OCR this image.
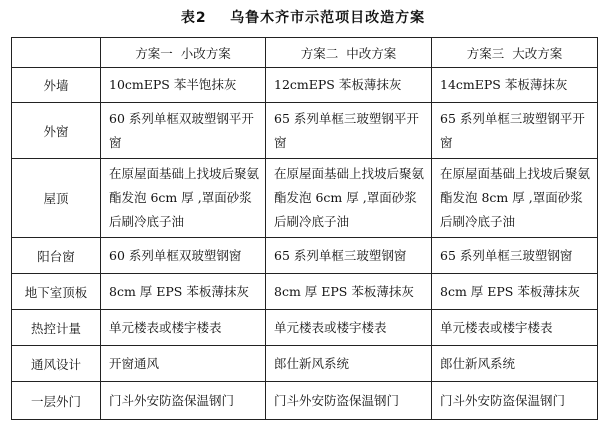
表2    乌鲁木齐市示范项目改造方案
	方案一  小改方案	方案二  中改方案	方案三  大改方案
外墙	10cmEPS 苯半饱抹灰	12cmEPS 苯板薄抹灰	14cmEPS 苯板薄抹灰
外窗	60 系列单框双玻塑钢平开窗	65 系列单框三玻塑钢平开窗	65 系列单框三玻塑钢平开窗
屋顶	在原屋面基础上找坡后聚氨酯发泡 6cm 厚 ,罩面砂浆后刷冷底子油	在原屋面基础上找坡后聚氨酯发泡 6cm 厚 ,罩面砂浆后刷冷底子油	在原屋面基础上找坡后聚氨酯发泡 8cm 厚 ,罩面砂浆后刷冷底子油
阳台窗	60 系列单框双玻塑钢窗	65 系列单框三玻塑钢窗	65 系列单框三玻塑钢窗
地下室顶板	8cm 厚 EPS 苯板薄抹灰	8cm 厚 EPS 苯板薄抹灰	8cm 厚 EPS 苯板薄抹灰
热控计量	单元楼表或楼宇楼表	单元楼表或楼宇楼表	单元楼表或楼宇楼表
通风设计	开窗通风	郎仕新风系统	郎仕新风系统
一层外门	门斗外安防盗保温钢门	门斗外安防盗保温钢门	门斗外安防盗保温钢门
